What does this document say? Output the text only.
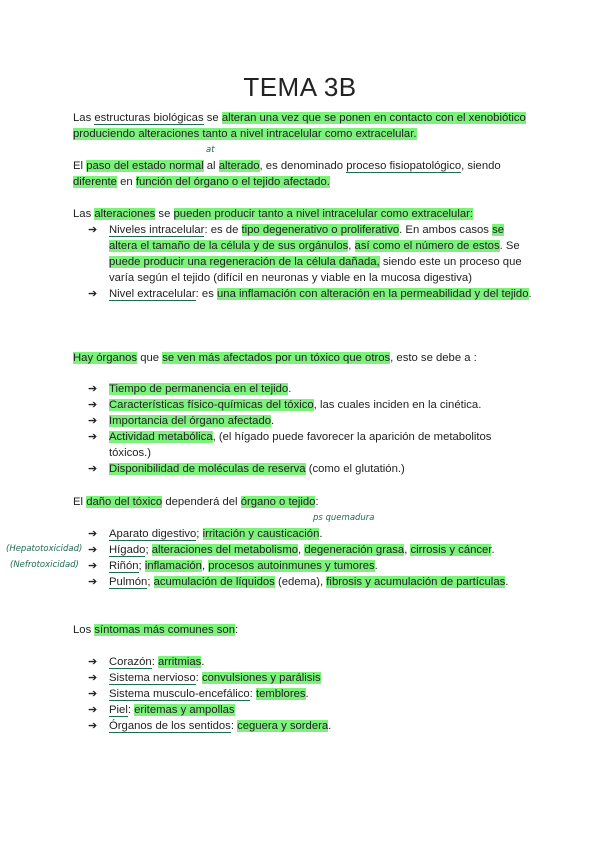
TEMA 3B
Las estructuras biológicas se alteran una vez que se ponen en contacto con el xenobiótico produciendo alteraciones tanto a nivel intracelular como extracelular.
El paso del estado normal al alterado, es denominado proceso fisiopatológico, siendo diferente en función del órgano o el tejido afectado.
at
Las alteraciones se pueden producir tanto a nivel intracelular como extracelular:
➔ Niveles intracelular: es de tipo degenerativo o proliferativo. En ambos casos se altera el tamaño de la célula y de sus orgánulos, así como el número de estos. Se puede producir una regeneración de la célula dañada, siendo este un proceso que varía según el tejido (difícil en neuronas y viable en la mucosa digestiva)
➔ Nivel extracelular: es una inflamación con alteración en la permeabilidad y del tejido.
Hay órganos que se ven más afectados por un tóxico que otros, esto se debe a :
➔ Tiempo de permanencia en el tejido.
➔ Características físico-químicas del tóxico, las cuales inciden en la cinética.
➔ Importancia del órgano afectado.
➔ Actividad metabólica, (el hígado puede favorecer la aparición de metabolitos tóxicos.)
➔ Disponibilidad de moléculas de reserva (como el glutatión.)
El daño del tóxico dependerá del órgano o tejido:
ps quemadura
➔ Aparato digestivo; irritación y causticación.
➔ Hígado; alteraciones del metabolismo, degeneración grasa, cirrosis y cáncer.
➔ Riñón; inflamación, procesos autoinmunes y tumores.
➔ Pulmón; acumulación de líquidos (edema), fibrosis y acumulación de partículas.
(Hepatotoxicidad)
(Nefrotoxicidad)
Los síntomas más comunes son:
➔ Corazón: arritmias.
➔ Sistema nervioso: convulsiones y parálisis
➔ Sistema musculo-encefálico: temblores.
➔ Piel: eritemas y ampollas
➔ Órganos de los sentidos: ceguera y sordera.
